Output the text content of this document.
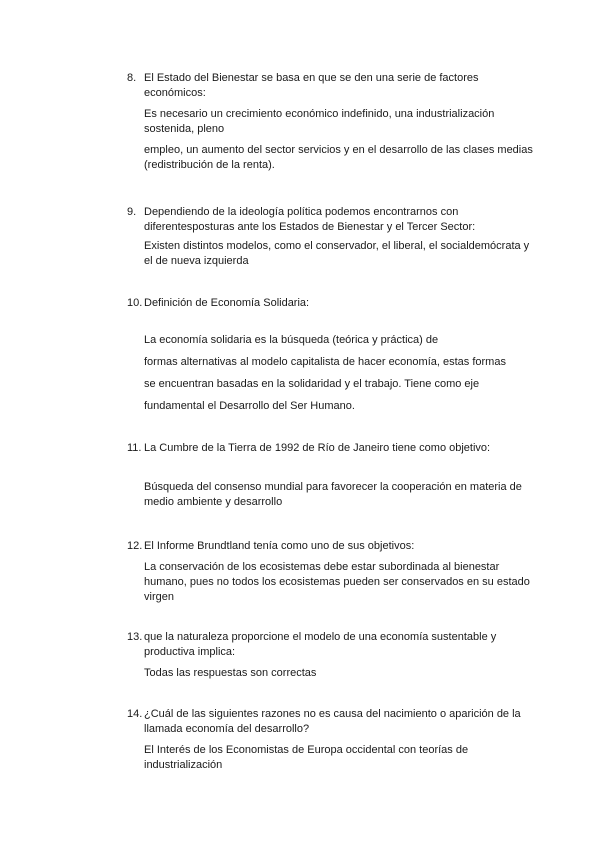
8. El Estado del Bienestar se basa en que se den una serie de factores económicos:
Es necesario un crecimiento económico indefinido, una industrialización sostenida, pleno
empleo, un aumento del sector servicios y en el desarrollo de las clases medias (redistribución de la renta).
9. Dependiendo de la ideología política podemos encontrarnos con diferentesposturas ante los Estados de Bienestar y el Tercer Sector:
Existen distintos modelos, como el conservador, el liberal, el socialdemócrata y el de nueva izquierda
10. Definición de Economía Solidaria:
La economía solidaria es la búsqueda (teórica y práctica) de
formas alternativas al modelo capitalista de hacer economía, estas formas
se encuentran basadas en la solidaridad y el trabajo. Tiene como eje
fundamental el Desarrollo del Ser Humano.
11. La Cumbre de la Tierra de 1992 de Río de Janeiro tiene como objetivo:
Búsqueda del consenso mundial para favorecer la cooperación en materia de medio ambiente y desarrollo
12. El Informe Brundtland tenía como uno de sus objetivos:
La conservación de los ecosistemas debe estar subordinada al bienestar humano, pues no todos los ecosistemas pueden ser conservados en su estado virgen
13. que la naturaleza proporcione el modelo de una economía sustentable y productiva implica:
Todas las respuestas son correctas
14. ¿Cuál de las siguientes razones no es causa del nacimiento o aparición de la llamada economía del desarrollo?
El Interés de los Economistas de Europa occidental con teorías de industrialización
